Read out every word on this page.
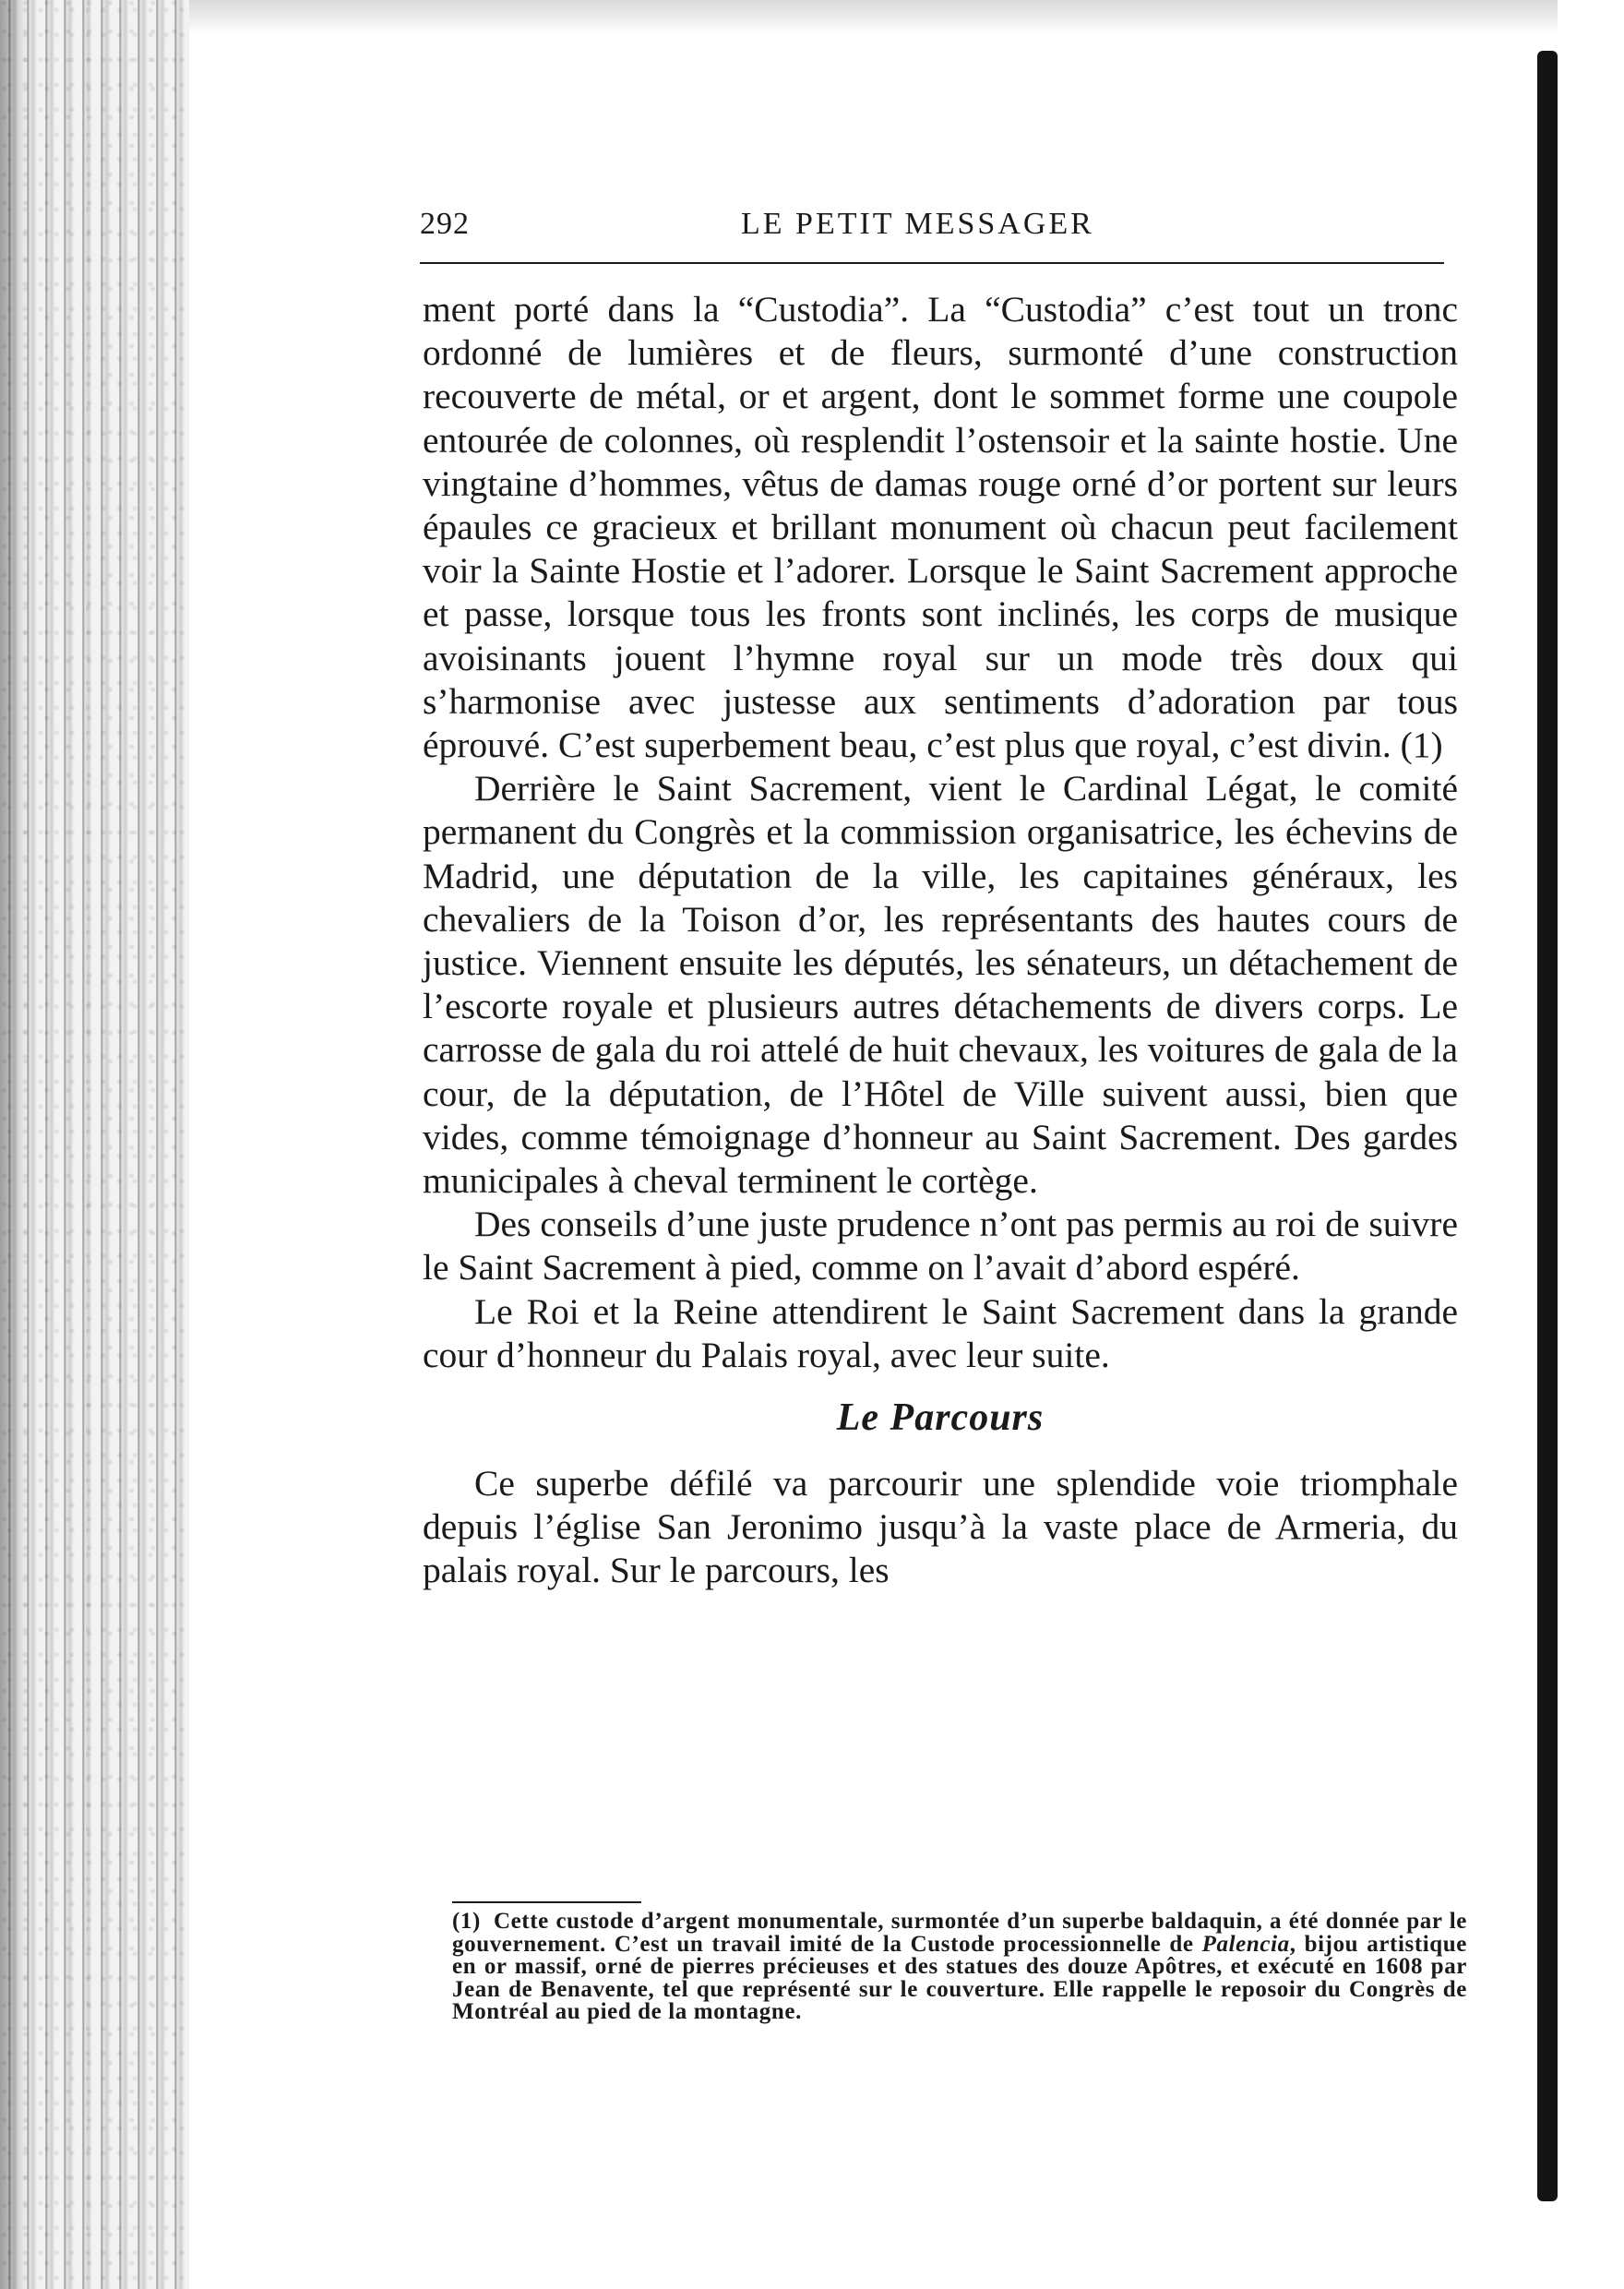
292	LE PETIT MESSAGER

ment porté dans la “Custodia”. La “Custodia” c’est tout un tronc ordonné de lumières et de fleurs, surmonté d’une construction recouverte de métal, or et argent, dont le sommet forme une coupole entourée de colonnes, où resplendit l’ostensoir et la sainte hostie. Une vingtaine d’hommes, vêtus de damas rouge orné d’or portent sur leurs épaules ce gracieux et brillant monument où chacun peut facilement voir la Sainte Hostie et l’adorer. Lorsque le Saint Sacrement approche et passe, lorsque tous les fronts sont inclinés, les corps de musique avoisinants jouent l’hymne royal sur un mode très doux qui s’harmonise avec justesse aux sentiments d’adoration par tous éprouvé. C’est superbement beau, c’est plus que royal, c’est divin. (1)

Derrière le Saint Sacrement, vient le Cardinal Légat, le comité permanent du Congrès et la commission organisatrice, les échevins de Madrid, une députation de la ville, les capitaines généraux, les chevaliers de la Toison d’or, les représentants des hautes cours de justice. Viennent ensuite les députés, les sénateurs, un détachement de l’escorte royale et plusieurs autres détachements de divers corps. Le carrosse de gala du roi attelé de huit chevaux, les voitures de gala de la cour, de la députation, de l’Hôtel de Ville suivent aussi, bien que vides, comme témoignage d’honneur au Saint Sacrement. Des gardes municipales à cheval terminent le cortège.

Des conseils d’une juste prudence n’ont pas permis au roi de suivre le Saint Sacrement à pied, comme on l’avait d’abord espéré.

Le Roi et la Reine attendirent le Saint Sacrement dans la grande cour d’honneur du Palais royal, avec leur suite.

Le Parcours

Ce superbe défilé va parcourir une splendide voie triomphale depuis l’église San Jeronimo jusqu’à la vaste place de Armeria, du palais royal. Sur le parcours, les

(1) Cette custode d’argent monumentale, surmontée d’un superbe baldaquin, a été donnée par le gouvernement. C’est un travail imité de la Custode processionnelle de Palencia, bijou artistique en or massif, orné de pierres précieuses et des statues des douze Apôtres, et exécuté en 1608 par Jean de Benavente, tel que représenté sur le couverture. Elle rappelle le reposoir du Congrès de Montréal au pied de la montagne.
